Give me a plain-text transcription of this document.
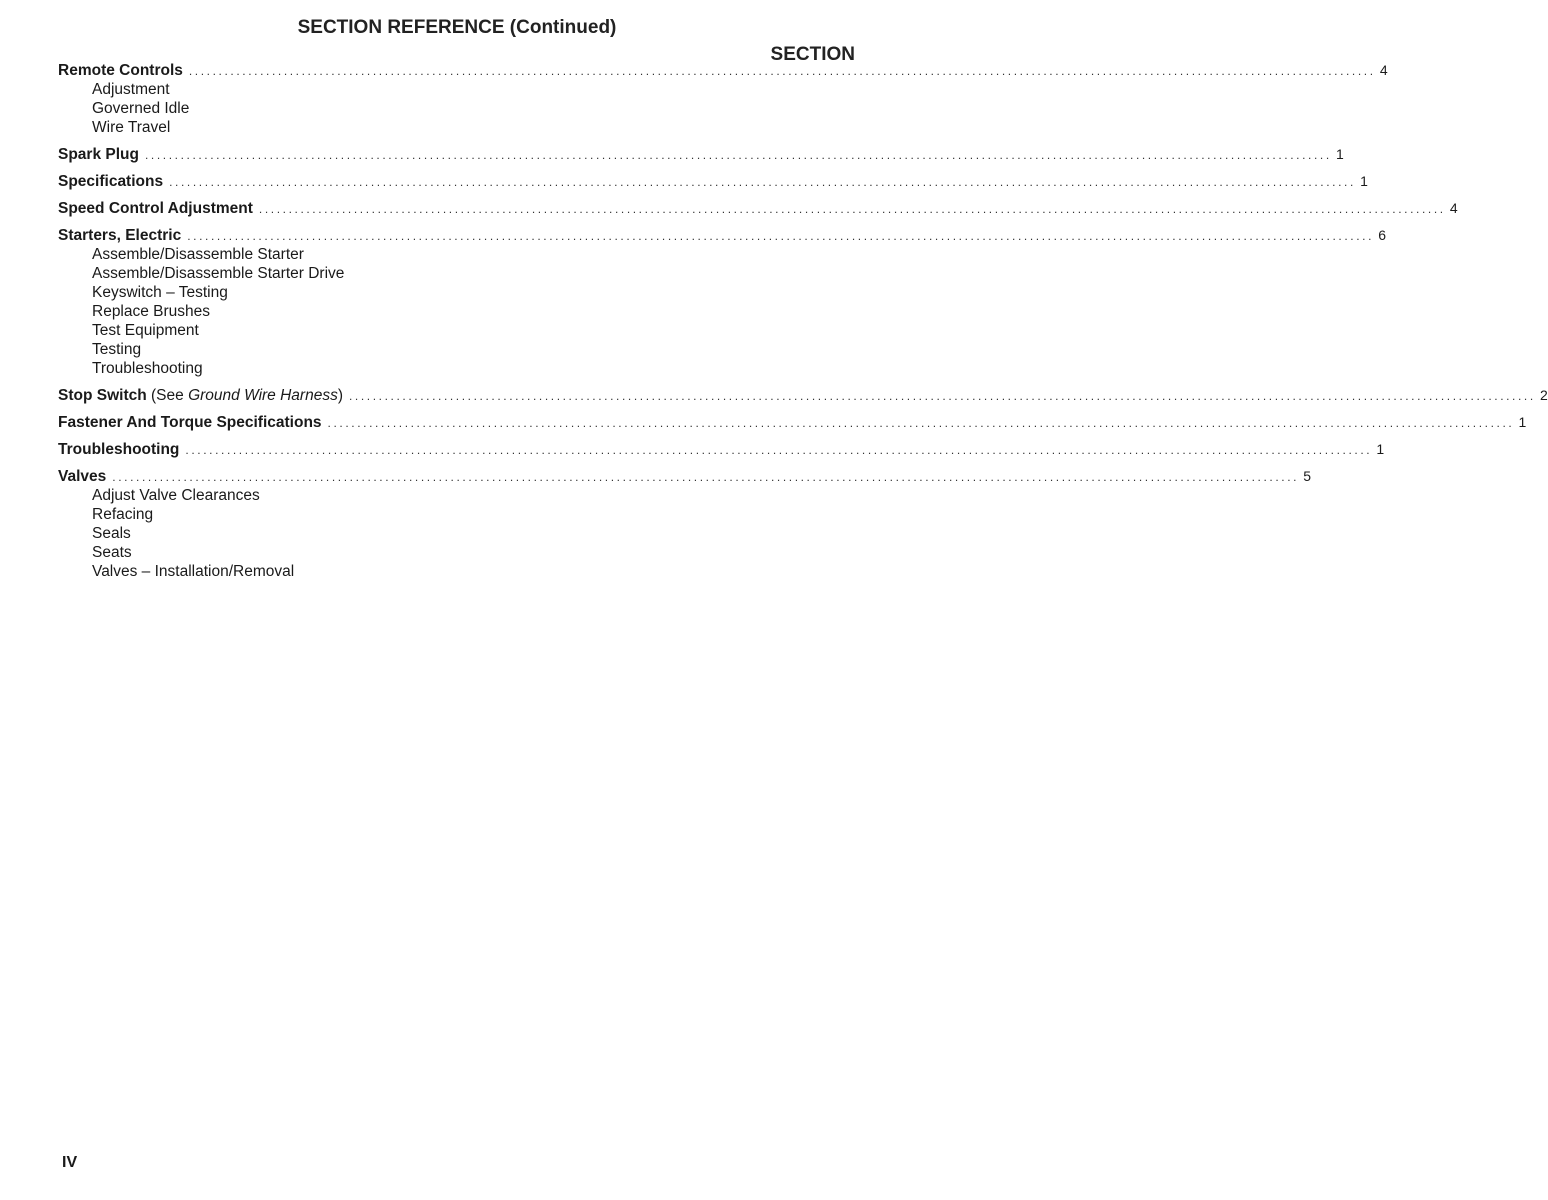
SECTION REFERENCE (Continued)
SECTION
Remote Controls ........................................................................................................................................................................................................ 4
Adjustment
Governed Idle
Wire Travel
Spark Plug ........................................................................................................................................................................................................ 1
Specifications ........................................................................................................................................................................................................ 1
Speed Control Adjustment ........................................................................................................................................................................................................ 4
Starters, Electric ........................................................................................................................................................................................................ 6
Assemble/Disassemble Starter
Assemble/Disassemble Starter Drive
Keyswitch – Testing
Replace Brushes
Test Equipment
Testing
Troubleshooting
Stop Switch (See Ground Wire Harness) ........................................................................................................................................................................................................ 2
Fastener And Torque Specifications ........................................................................................................................................................................................................ 1
Troubleshooting ........................................................................................................................................................................................................ 1
Valves ........................................................................................................................................................................................................ 5
Adjust Valve Clearances
Refacing
Seals
Seats
Valves – Installation/Removal
IV
